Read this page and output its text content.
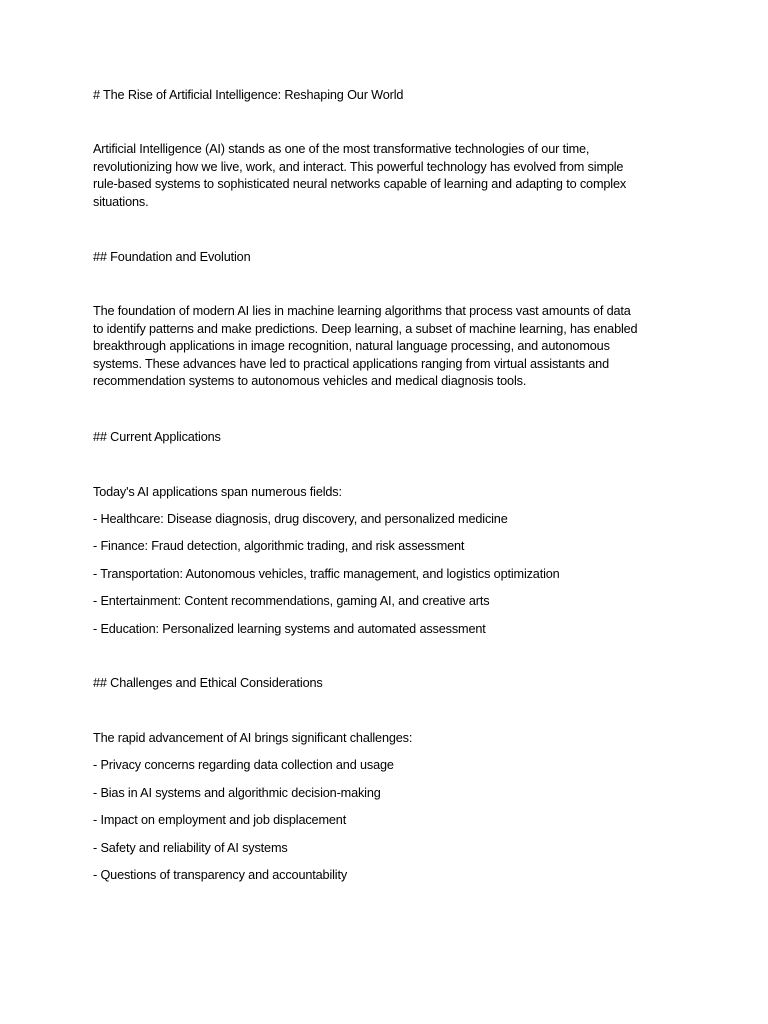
# The Rise of Artificial Intelligence: Reshaping Our World
Artificial Intelligence (AI) stands as one of the most transformative technologies of our time,
revolutionizing how we live, work, and interact. This powerful technology has evolved from simple
rule-based systems to sophisticated neural networks capable of learning and adapting to complex
situations.
## Foundation and Evolution
The foundation of modern AI lies in machine learning algorithms that process vast amounts of data
to identify patterns and make predictions. Deep learning, a subset of machine learning, has enabled
breakthrough applications in image recognition, natural language processing, and autonomous
systems. These advances have led to practical applications ranging from virtual assistants and
recommendation systems to autonomous vehicles and medical diagnosis tools.
## Current Applications
Today's AI applications span numerous fields:
- Healthcare: Disease diagnosis, drug discovery, and personalized medicine
- Finance: Fraud detection, algorithmic trading, and risk assessment
- Transportation: Autonomous vehicles, traffic management, and logistics optimization
- Entertainment: Content recommendations, gaming AI, and creative arts
- Education: Personalized learning systems and automated assessment
## Challenges and Ethical Considerations
The rapid advancement of AI brings significant challenges:
- Privacy concerns regarding data collection and usage
- Bias in AI systems and algorithmic decision-making
- Impact on employment and job displacement
- Safety and reliability of AI systems
- Questions of transparency and accountability
